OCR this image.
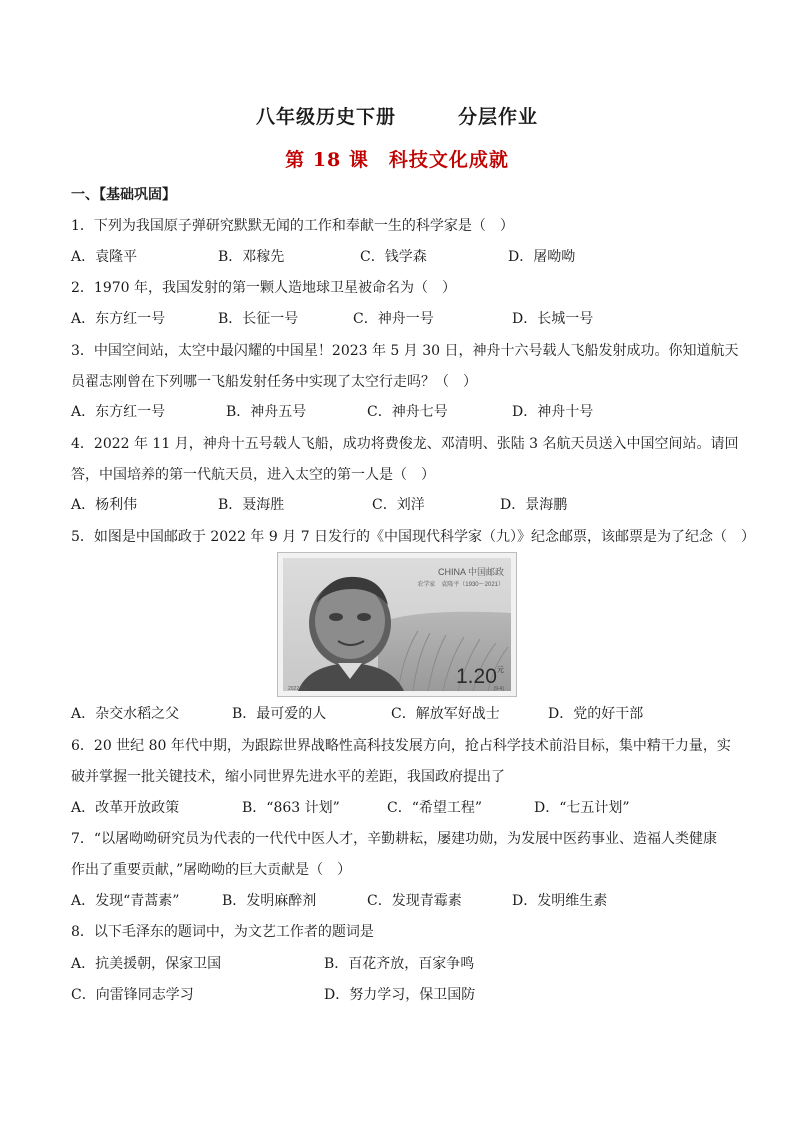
八年级历史下册	分层作业
第 18 课　科技文化成就
一、【基础巩固】
1．下列为我国原子弹研究默默无闻的工作和奉献一生的科学家是（　）
A．袁隆平	B．邓稼先	C．钱学森	D．屠呦呦
2．1970 年，我国发射的第一颗人造地球卫星被命名为（　）
A．东方红一号	B．长征一号	C．神舟一号	D．长城一号
3．中国空间站，太空中最闪耀的中国星！2023 年 5 月 30 日，神舟十六号载人飞船发射成功。你知道航天
员翟志刚曾在下列哪一飞船发射任务中实现了太空行走吗？（　）
A．东方红一号	B．神舟五号	C．神舟七号	D．神舟十号
4．2022 年 11 月，神舟十五号载人飞船，成功将费俊龙、邓清明、张陆 3 名航天员送入中国空间站。请回
答，中国培养的第一代航天员，进入太空的第一人是（　）
A．杨利伟	B．聂海胜	C．刘洋	D．景海鹏
5．如图是中国邮政于 2022 年 9 月 7 日发行的《中国现代科学家（九）》纪念邮票，该邮票是为了纪念（　）
CHINA 中国邮政
农学家　袁隆平（1930～2021）
$1.20^元$
2022-24	(9-4)
A．杂交水稻之父	B．最可爱的人	C．解放军好战士	D．党的好干部
6．20 世纪 80 年代中期，为跟踪世界战略性高科技发展方向，抢占科学技术前沿目标，集中精干力量，实
破并掌握一批关键技术，缩小同世界先进水平的差距，我国政府提出了
A．改革开放政策	B．“863 计划”	C．“希望工程”	D．“七五计划”
7．“以屠呦呦研究员为代表的一代代中医人才，辛勤耕耘，屡建功勋，为发展中医药事业、造福人类健康
作出了重要贡献，”屠呦呦的巨大贡献是（　）
A．发现“青蒿素”	B．发明麻醉剂	C．发现青霉素	D．发明维生素
8．以下毛泽东的题词中，为文艺工作者的题词是
A．抗美援朝，保家卫国	B．百花齐放，百家争鸣
C．向雷锋同志学习	D．努力学习，保卫国防
